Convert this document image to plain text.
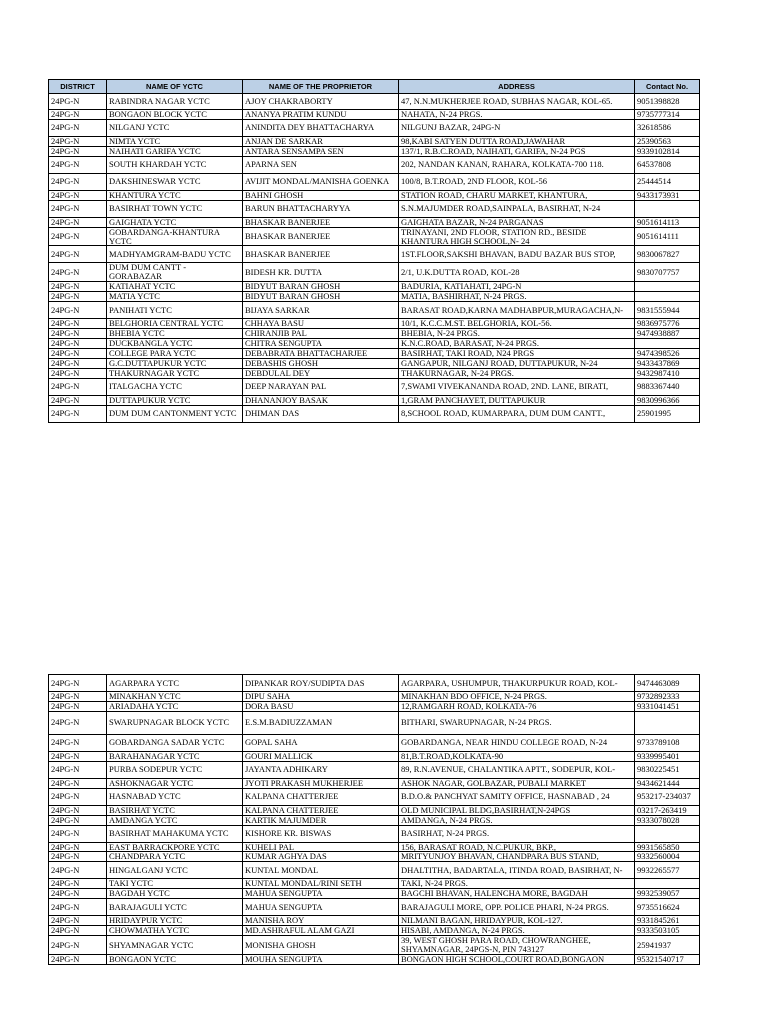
DISTRICT	NAME OF YCTC	NAME OF THE PROPRIETOR	ADDRESS	Contact No.
24PG-N	RABINDRA NAGAR YCTC	AJOY CHAKRABORTY	47, N.N.MUKHERJEE ROAD, SUBHAS NAGAR, KOL-65.	9051398828
24PG-N	BONGAON BLOCK YCTC	ANANYA PRATIM KUNDU	NAHATA, N-24 PRGS.	9735777314
24PG-N	NILGANJ YCTC	ANINDITA DEY BHATTACHARYA	NILGUNJ BAZAR, 24PG-N	32618586
24PG-N	NIMTA YCTC	ANJAN DE SARKAR	98,KABI SATYEN DUTTA ROAD,JAWAHAR	25390563
24PG-N	NAIHATI GARIFA YCTC	ANTARA SENSAMPA SEN	137/1, R.B.C.ROAD, NAIHATI, GARIFA, N-24 PGS	9339102814
24PG-N	SOUTH KHARDAH YCTC	APARNA SEN	202, NANDAN KANAN, RAHARA, KOLKATA-700 118.	64537808
24PG-N	DAKSHINESWAR YCTC	AVIJIT MONDAL/MANISHA GOENKA	100/8, B.T.ROAD, 2ND FLOOR, KOL-56	25444514
24PG-N	KHANTURA YCTC	BAHNI GHOSH	STATION ROAD, CHARU MARKET, KHANTURA,	9433173931
24PG-N	BASIRHAT TOWN YCTC	BARUN BHATTACHARYYA	S.N.MAJUMDER ROAD,SAINPALA, BASIRHAT, N-24	
24PG-N	GAIGHATA YCTC	BHASKAR BANERJEE	GAIGHATA BAZAR, N-24 PARGANAS	9051614113
24PG-N	GOBARDANGA-KHANTURA YCTC	BHASKAR BANERJEE	TRINAYANI, 2ND FLOOR, STATION RD., BESIDE KHANTURA HIGH SCHOOL,N- 24	9051614111
24PG-N	MADHYAMGRAM-BADU YCTC	BHASKAR BANERJEE	1ST.FLOOR,SAKSHI BHAVAN, BADU BAZAR BUS STOP,	9830067827
24PG-N	DUM DUM CANTT - GORABAZAR	BIDESH KR. DUTTA	2/1, U.K.DUTTA ROAD, KOL-28	9830707757
24PG-N	KATIAHAT YCTC	BIDYUT BARAN GHOSH	BADURIA, KATIAHATI, 24PG-N	
24PG-N	MATIA YCTC	BIDYUT BARAN GHOSH	MATIA, BASHIRHAT, N-24 PRGS.	
24PG-N	PANIHATI YCTC	BIJAYA SARKAR	BARASAT ROAD,KARNA MADHABPUR,MURAGACHA,N-	9831555944
24PG-N	BELGHORIA CENTRAL YCTC	CHHAYA BASU	10/1, K.C.C.M.ST. BELGHORIA, KOL-56.	9836975776
24PG-N	BHEBIA YCTC	CHIRANJIB PAL	BHEBIA, N-24 PRGS.	9474938887
24PG-N	DUCKBANGLA YCTC	CHITRA SENGUPTA	K.N.C.ROAD, BARASAT, N-24 PRGS.	
24PG-N	COLLEGE PARA YCTC	DEBABRATA BHATTACHARJEE	BASIRHAT, TAKI ROAD, N24 PRGS	9474398526
24PG-N	G.C.DUTTAPUKUR YCTC	DEBASHIS GHOSH	GANGAPUR, NILGANJ ROAD, DUTTAPUKUR, N-24	9433437869
24PG-N	THAKURNAGAR YCTC	DEBDULAL DEY	THAKURNAGAR, N-24 PRGS.	9432987410
24PG-N	ITALGACHA YCTC	DEEP NARAYAN PAL	7,SWAMI VIVEKANANDA ROAD, 2ND. LANE, BIRATI,	9883367440
24PG-N	DUTTAPUKUR YCTC	DHANANJOY BASAK	1,GRAM PANCHAYET, DUTTAPUKUR	9830996366
24PG-N	DUM DUM CANTONMENT YCTC	DHIMAN DAS	8,SCHOOL ROAD, KUMARPARA, DUM DUM CANTT.,	25901995
24PG-N	AGARPARA YCTC	DIPANKAR ROY/SUDIPTA DAS	AGARPARA, USHUMPUR, THAKURPUKUR ROAD, KOL-	9474463089
24PG-N	MINAKHAN YCTC	DIPU SAHA	MINAKHAN BDO OFFICE, N-24 PRGS.	9732892333
24PG-N	ARIADAHA YCTC	DORA BASU	12,RAMGARH ROAD, KOLKATA-76	9331041451
24PG-N	SWARUPNAGAR BLOCK YCTC	E.S.M.BADIUZZAMAN	BITHARI, SWARUPNAGAR, N-24 PRGS.	
24PG-N	GOBARDANGA SADAR YCTC	GOPAL SAHA	GOBARDANGA, NEAR HINDU COLLEGE ROAD, N-24	9733789108
24PG-N	BARAHANAGAR YCTC	GOURI MALLICK	81,B.T.ROAD,KOLKATA-90	9339995401
24PG-N	PURBA SODEPUR YCTC	JAYANTA ADHIKARY	89, R.N.AVENUE, CHALANTIKA APTT., SODEPUR, KOL-	9830225451
24PG-N	ASHOKNAGAR YCTC	JYOTI PRAKASH MUKHERJEE	ASHOK NAGAR, GOLBAZAR, PUBALI MARKET	9434621444
24PG-N	HASNABAD YCTC	KALPANA CHATTERJEE	B.D.O.& PANCHYAT SAMITY OFFICE, HASNABAD , 24	953217-234037
24PG-N	BASIRHAT YCTC	KALPANA CHATTERJEE	OLD MUNICIPAL BLDG,BASIRHAT,N-24PGS	03217-263419
24PG-N	AMDANGA YCTC	KARTIK MAJUMDER	AMDANGA, N-24 PRGS.	9333078028
24PG-N	BASIRHAT MAHAKUMA YCTC	KISHORE KR. BISWAS	BASIRHAT, N-24 PRGS.	
24PG-N	EAST BARRACKPORE YCTC	KUHELI PAL	156, BARASAT ROAD, N.C.PUKUR, BKP.,	9931565850
24PG-N	CHANDPARA YCTC	KUMAR AGHYA DAS	MRITYUNJOY BHAVAN, CHANDPARA BUS STAND,	9332560004
24PG-N	HINGALGANJ YCTC	KUNTAL MONDAL	DHALTITHA, BADARTALA, ITINDA ROAD, BASIRHAT, N-	9932265577
24PG-N	TAKI YCTC	KUNTAL MONDAL/RINI SETH	TAKI, N-24 PRGS.	
24PG-N	BAGDAH YCTC	MAHUA SENGUPTA	BAGCHI BHAVAN, HALENCHA MORE, BAGDAH	9932539057
24PG-N	BARAJAGULI YCTC	MAHUA SENGUPTA	BARAJAGULI MORE, OPP. POLICE PHARI, N-24 PRGS.	9735516624
24PG-N	HRIDAYPUR YCTC	MANISHA ROY	NILMANI BAGAN, HRIDAYPUR, KOL-127.	9331845261
24PG-N	CHOWMATHA YCTC	MD.ASHRAFUL ALAM GAZI	HISABI, AMDANGA, N-24 PRGS.	9333503105
24PG-N	SHYAMNAGAR YCTC	MONISHA GHOSH	39, WEST GHOSH PARA ROAD, CHOWRANGHEE, SHYAMNAGAR, 24PGS-N, PIN 743127	25941937
24PG-N	BONGAON YCTC	MOUHA SENGUPTA	BONGAON HIGH SCHOOL,COURT ROAD,BONGAON	95321540717
